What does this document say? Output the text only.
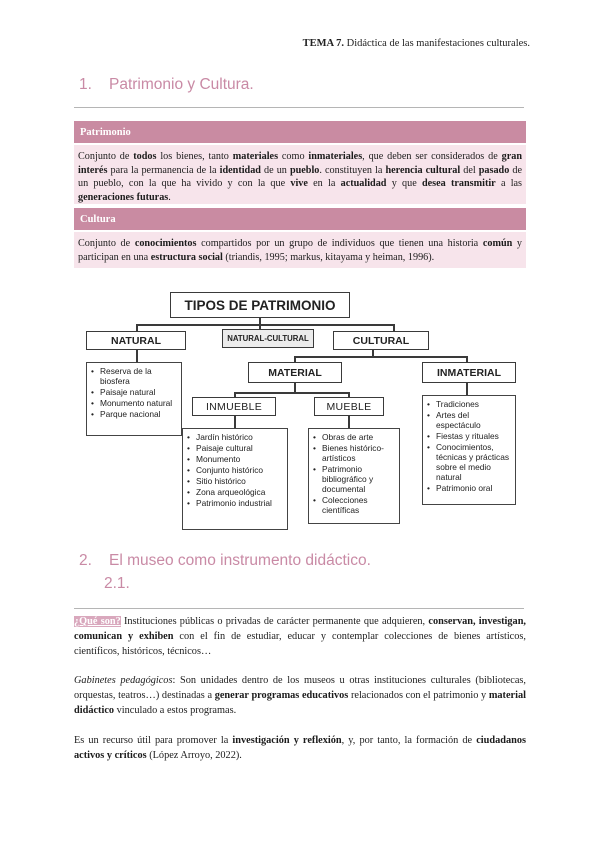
TEMA 7. Didáctica de las manifestaciones culturales.
1. Patrimonio y Cultura.
Patrimonio
Conjunto de todos los bienes, tanto materiales como inmateriales, que deben ser considerados de gran interés para la permanencia de la identidad de un pueblo. constituyen la herencia cultural del pasado de un pueblo, con la que ha vivido y con la que vive en la actualidad y que desea transmitir a las generaciones futuras.
Cultura
Conjunto de conocimientos compartidos por un grupo de individuos que tienen una historia común y participan en una estructura social (triandis, 1995; markus, kitayama y heiman, 1996).
TIPOS DE PATRIMONIO
NATURAL	NATURAL-CULTURAL	CULTURAL
MATERIAL	INMATERIAL
INMUEBLE	MUEBLE
• Reserva de la biosfera
• Paisaje natural
• Monumento natural
• Parque nacional
• Tradiciones
• Artes del espectáculo
• Fiestas y rituales
• Conocimientos, técnicas y prácticas sobre el medio natural
• Patrimonio oral
• Jardín histórico
• Paisaje cultural
• Monumento
• Conjunto histórico
• Sitio histórico
• Zona arqueológica
• Patrimonio industrial
• Obras de arte
• Bienes histórico-artísticos
• Patrimonio bibliográfico y documental
• Colecciones científicas
2. El museo como instrumento didáctico.
2.1.
¿Qué son? Instituciones públicas o privadas de carácter permanente que adquieren, conservan, investigan, comunican y exhiben con el fin de estudiar, educar y contemplar colecciones de bienes artísticos, científicos, históricos, técnicos…
Gabinetes pedagógicos: Son unidades dentro de los museos u otras instituciones culturales (bibliotecas, orquestas, teatros…) destinadas a generar programas educativos relacionados con el patrimonio y material didáctico vinculado a estos programas.
Es un recurso útil para promover la investigación y reflexión, y, por tanto, la formación de ciudadanos activos y críticos (López Arroyo, 2022).
